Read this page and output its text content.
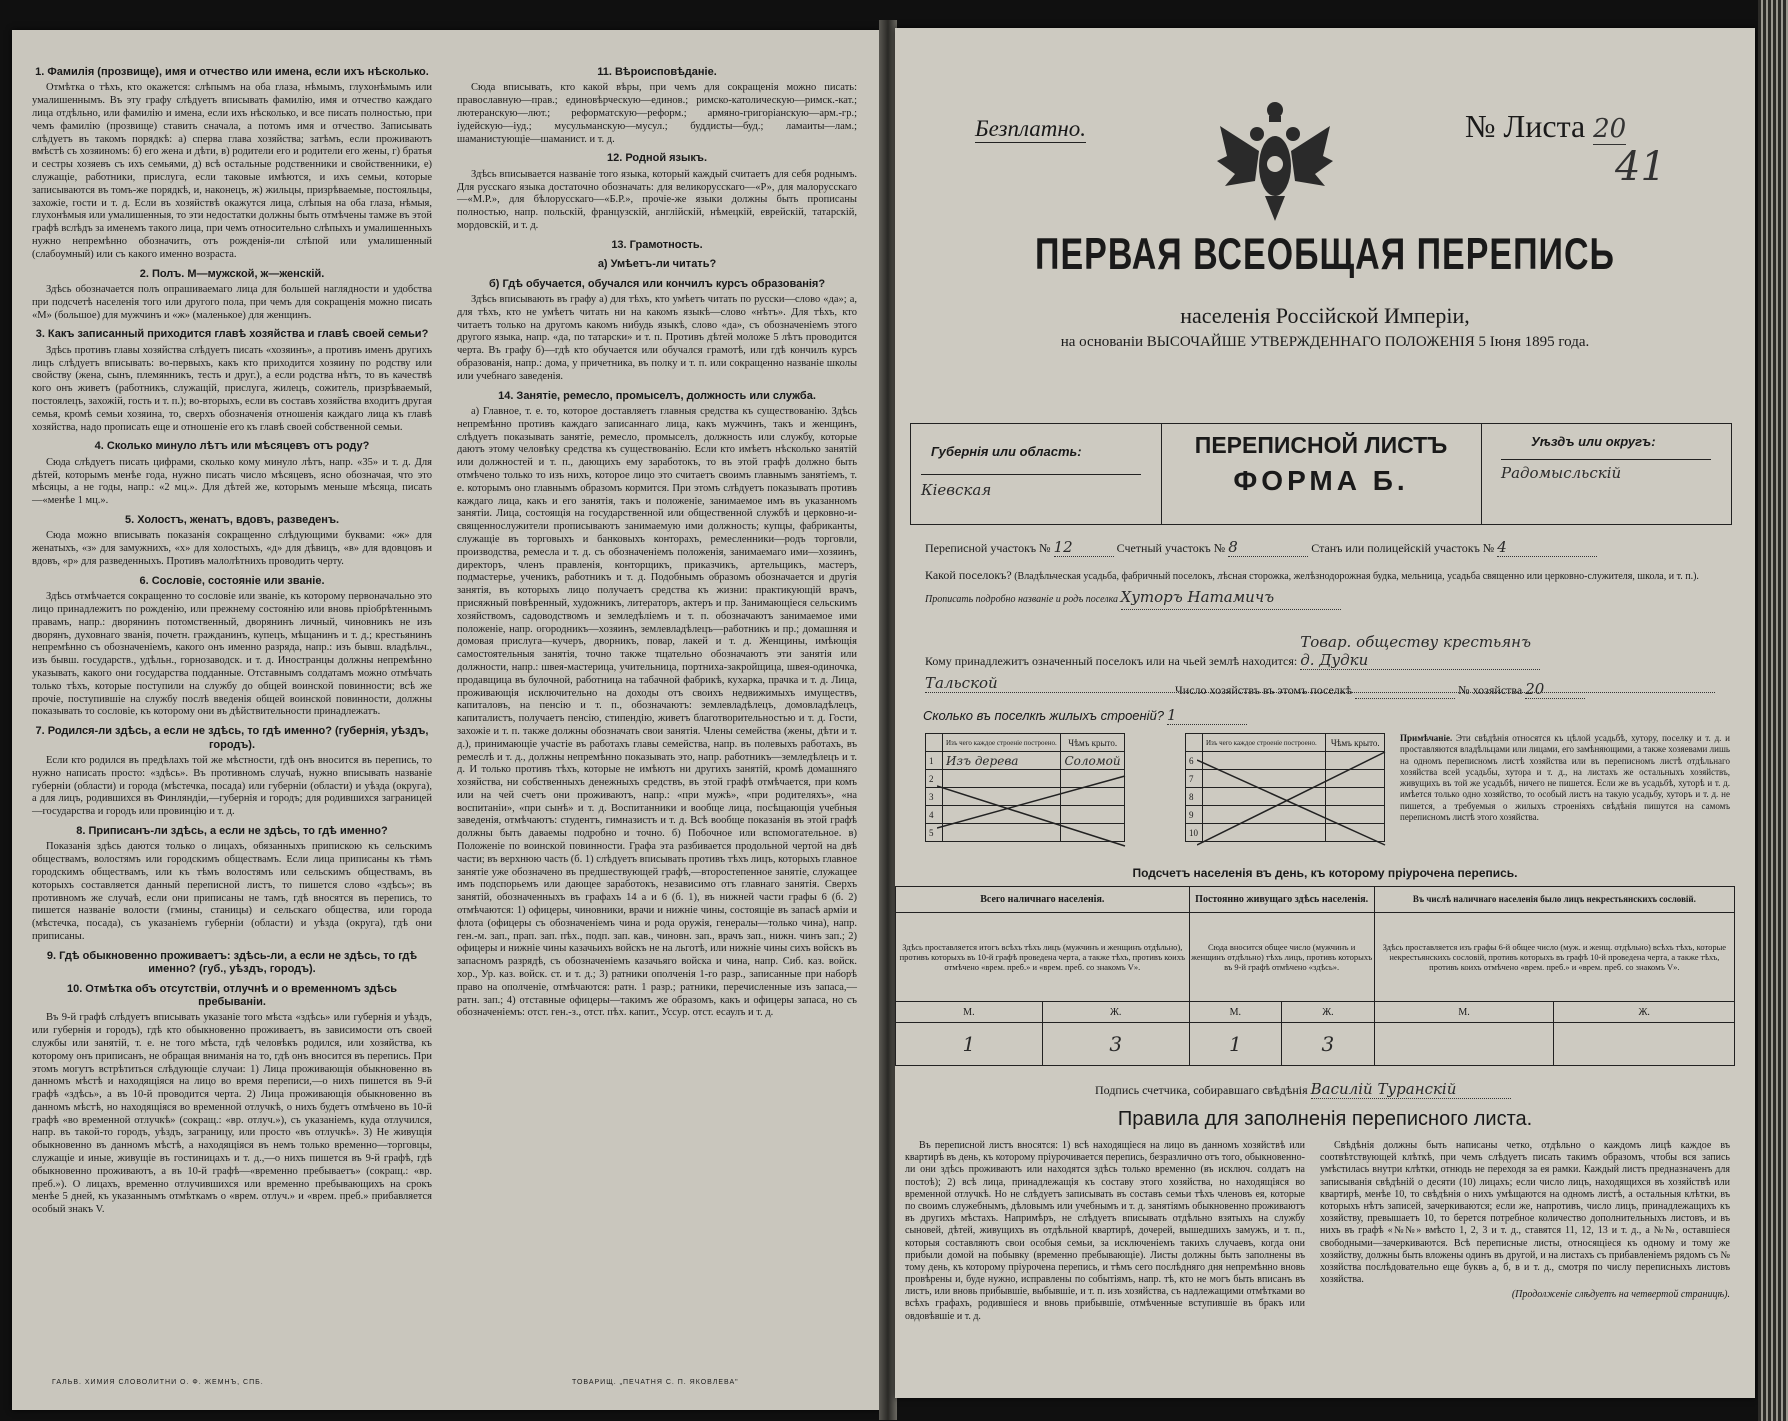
1. Фамилія (прозвище), имя и отчество или имена, если ихъ нѣсколько.

Отмѣтка о тѣхъ, кто окажется: слѣпымъ на оба глаза, нѣмымъ, глухонѣмымъ или умалишеннымъ. Въ эту графу слѣдуетъ вписывать фамилію, имя и отчество каждаго лица отдѣльно, или фамилію и имена, если ихъ нѣсколько, и все писать полностью, при чемъ фамилію (прозвище) ставить сначала, а потомъ имя и отчество. Записывать слѣдуетъ въ такомъ порядкѣ: а) сперва глава хозяйства; затѣмъ, если проживаютъ вмѣстѣ съ хозяиномъ: б) его жена и дѣти, в) родители его и родители его жены, г) братья и сестры хозяевъ съ ихъ семьями, д) всѣ остальные родственники и свойственники, е) служащіе, работники, прислуга, если таковые имѣются, и ихъ семьи, которые записываются въ томъ-же порядкѣ, и, наконецъ, ж) жильцы, призрѣваемые, постояльцы, захожіе, гости и т. д. Если въ хозяйствѣ окажутся лица, слѣпыя на оба глаза, нѣмыя, глухонѣмыя или умалишенныя, то эти недостатки должны быть отмѣчены тамже въ этой графѣ вслѣдъ за именемъ такого лица, при чемъ относительно слѣпыхъ и умалишенныхъ нужно непремѣнно обозначить, отъ рожденія-ли слѣпой или умалишенный (слабоумный) или съ какого именно возраста.

2. Полъ. М—мужской, ж—женскій.

Здѣсь обозначается полъ опрашиваемаго лица для большей наглядности и удобства при подсчетѣ населенія того или другого пола, при чемъ для сокращенія можно писать «М» (большое) для мужчинъ и «ж» (маленькое) для женщинъ.

3. Какъ записанный приходится главѣ хозяйства и главѣ своей семьи?

Здѣсь противъ главы хозяйства слѣдуетъ писать «хозяинъ», а противъ именъ другихъ лицъ слѣдуетъ вписывать: во-первыхъ, какъ кто приходится хозяину по родству или свойству (жена, сынъ, племянникъ, тесть и друг.), а если родства нѣтъ, то въ качествѣ кого онъ живетъ (работникъ, служащій, прислуга, жилецъ, сожитель, призрѣваемый, постоялецъ, захожій, гость и т. п.); во-вторыхъ, если въ составъ хозяйства входитъ другая семья, кромѣ семьи хозяина, то, сверхъ обозначенія отношенія каждаго лица къ главѣ хозяйства, надо прописать еще и отношеніе его къ главѣ своей собственной семьи.

4. Сколько минуло лѣтъ или мѣсяцевъ отъ роду?

Сюда слѣдуетъ писать цифрами, сколько кому минуло лѣтъ, напр. «35» и т. д. Для дѣтей, которымъ менѣе года, нужно писать число мѣсяцевъ, ясно обозначая, что это мѣсяцы, а не годы, напр.: «2 мц.». Для дѣтей же, которымъ меньше мѣсяца, писать —«менѣе 1 мц.».

5. Холостъ, женатъ, вдовъ, разведенъ.

Сюда можно вписывать показанія сокращенно слѣдующими буквами: «ж» для женатыхъ, «з» для замужнихъ, «х» для холостыхъ, «д» для дѣвицъ, «в» для вдовцовъ и вдовъ, «р» для разведенныхъ. Противъ малолѣтнихъ проводить черту.

6. Сословіе, состояніе или званіе.

Здѣсь отмѣчается сокращенно то сословіе или званіе, къ которому первоначально это лицо принадлежитъ по рожденію, или прежнему состоянію или вновь пріобрѣтеннымъ правамъ, напр.: дворянинъ потомственный, дворянинъ личный, чиновникъ не изъ дворянъ, духовнаго званія, почетн. гражданинъ, купецъ, мѣщанинъ и т. д.; крестьянинъ непремѣнно съ обозначеніемъ, какого онъ именно разряда, напр.: изъ бывш. владѣльч., изъ бывш. государств., удѣльн., горнозаводск. и т. д. Иностранцы должны непремѣнно указывать, какого они государства подданные. Отставнымъ солдатамъ можно отмѣчать только тѣхъ, которые поступили на службу до общей воинской повинности; всѣ же прочіе, поступившіе на службу послѣ введенія общей воинской повинности, должны показывать то сословіе, къ которому они въ дѣйствительности принадлежатъ.

7. Родился-ли здѣсь, а если не здѣсь, то гдѣ именно? (губернія, уѣздъ, городъ).

Если кто родился въ предѣлахъ той же мѣстности, гдѣ онъ вносится въ перепись, то нужно написать просто: «здѣсь». Въ противномъ случаѣ, нужно вписывать названіе губерніи (области) и города (мѣстечка, посада) или губерніи (области) и уѣзда (округа), а для лицъ, родившихся въ Финляндіи,—губернія и городъ; для родившихся заграницей—государства и городъ или провинцію и т. д.

8. Приписанъ-ли здѣсь, а если не здѣсь, то гдѣ именно?

Показанія здѣсь даются только о лицахъ, обязанныхъ припискою къ сельскимъ обществамъ, волостямъ или городскимъ обществамъ. Если лица приписаны къ тѣмъ городскимъ обществамъ, или къ тѣмъ волостямъ или сельскимъ обществамъ, въ которыхъ составляется данный переписной листъ, то пишется слово «здѣсь»; въ противномъ же случаѣ, если они приписаны не тамъ, гдѣ вносятся въ перепись, то пишется названіе волости (гмины, станицы) и сельскаго общества, или города (мѣстечка, посада), съ указаніемъ губерніи (области) и уѣзда (округа), гдѣ они приписаны.

9. Гдѣ обыкновенно проживаетъ: здѣсь-ли, а если не здѣсь, то гдѣ именно? (губ., уѣздъ, городъ).
10. Отмѣтка объ отсутствіи, отлучнѣ и о временномъ здѣсь пребываніи.

Въ 9-й графѣ слѣдуетъ вписывать указаніе того мѣста «здѣсь» или губернія и уѣздъ, или губернія и городъ), гдѣ кто обыкновенно проживаетъ, въ зависимости отъ своей службы или занятій, т. е. не того мѣста, гдѣ человѣкъ родился, или хозяйства, къ которому онъ приписанъ, не обращая вниманія на то, гдѣ онъ вносится въ перепись. При этомъ могутъ встрѣтиться слѣдующіе случаи: 1) Лица проживающія обыкновенно въ данномъ мѣстѣ и находящіяся на лицо во время переписи,—о нихъ пишется въ 9-й графѣ «здѣсь», а въ 10-й проводится черта. 2) Лица проживающія обыкновенно въ данномъ мѣстѣ, но находящіяся во временной отлучкѣ, о нихъ будетъ отмѣчено въ 10-й графѣ «во временной отлучкѣ» (сокращ.: «вр. отлуч.»), съ указаніемъ, куда отлучился, напр. въ такой-то городъ, уѣздъ, заграницу, или просто «въ отлучкѣ». 3) Не живущія обыкновенно въ данномъ мѣстѣ, а находящіяся въ немъ только временно—торговцы, служащіе и иные, живущіе въ гостиницахъ и т. д.,—о нихъ пишется въ 9-й графѣ, гдѣ обыкновенно проживаютъ, а въ 10-й графѣ—«временно пребываетъ» (сокращ.: «вр. преб.»). О лицахъ, временно отлучившихся или временно пребывающихъ на срокъ менѣе 5 дней, къ указаннымъ отмѣткамъ о «врем. отлуч.» и «врем. преб.» прибавляется особый знакъ V.

11. Вѣроисповѣданіе.

Сюда вписывать, кто какой вѣры, при чемъ для сокращенія можно писать: православную—прав.; единовѣрческую—единов.; римско-католическую—римск.-кат.; лютеранскую—лют.; реформатскую—реформ.; армяно-григоріанскую—арм.-гр.; іудейскую—іуд.; мусульманскую—мусул.; буддисты—буд.; ламаиты—лам.; шаманистующіе—шаманист. и т. д.

12. Родной языкъ.

Здѣсь вписывается названіе того языка, который каждый считаетъ для себя роднымъ. Для русскаго языка достаточно обозначать: для великорусскаго—«Р», для малорусскаго—«М.Р.», для бѣлорусскаго—«Б.Р.», прочіе-же языки должны быть прописаны полностью, напр. польскій, французскій, англійскій, нѣмецкій, еврейскій, татарскій, мордовскій, и т. д.

13. Грамотность.
а) Умѣетъ-ли читать?
б) Гдѣ обучается, обучался или кончилъ курсъ образованія?

Здѣсь вписывають въ графу а) для тѣхъ, кто умѣетъ читать по русски—слово «да»; а, для тѣхъ, кто не умѣетъ читать ни на какомъ языкѣ—слово «нѣтъ». Для тѣхъ, кто читаетъ только на другомъ какомъ нибудь языкѣ, слово «да», съ обозначеніемъ этого другого языка, напр. «да, по татарски» и т. п. Противъ дѣтей моложе 5 лѣтъ проводится черта. Въ графу б)—гдѣ кто обучается или обучался грамотѣ, или гдѣ кончилъ курсъ образованія, напр.: дома, у причетника, въ полку и т. п. или сокращенно названіе школы или учебнаго заведенія.

14. Занятіе, ремесло, промыселъ, должность или служба.

а) Главное, т. е. то, которое доставляетъ главныя средства къ существованію. Здѣсь непремѣнно противъ каждаго записаннаго лица, какъ мужчинъ, такъ и женщинъ, слѣдуетъ показывать занятіе, ремесло, промыселъ, должность или службу, которые даютъ этому человѣку средства къ существованію. Если кто имѣетъ нѣсколько занятій или должностей и т. п., дающихъ ему заработокъ, то въ этой графѣ должно быть отмѣчено только то изъ нихъ, которое лицо это считаетъ своимъ главнымъ занятіемъ, т. е. которымъ оно главнымъ образомъ кормится. При этомъ слѣдуетъ показывать противъ каждаго лица, какъ и его занятія, такъ и положеніе, занимаемое имъ въ указанномъ занятіи. Лица, состоящія на государственной или общественной службѣ и церковно-и-священнослужители прописываютъ занимаемую ими должность; купцы, фабриканты, служащіе въ торговыхъ и банковыхъ конторахъ, ремесленники—родъ торговли, производства, ремесла и т. д. съ обозначеніемъ положенія, занимаемаго ими—хозяинъ, директоръ, членъ правленія, конторщикъ, приказчикъ, артельщикъ, мастеръ, подмастерье, ученикъ, работникъ и т. д. Подобнымъ образомъ обозначается и другія занятія, въ которыхъ лицо получаетъ средства къ жизни: практикующій врачъ, присяжный повѣренный, художникъ, литераторъ, актеръ и пр. Занимающіеся сельскимъ хозяйствомъ, садоводствомъ и земледѣліемъ и т. п. обозначаютъ занимаемое ими положеніе, напр. огородникъ—хозяинъ, землевладѣлецъ—работникъ и пр.; домашняя и домовая прислуга—кучеръ, дворникъ, повар, лакей и т. д. Женщины, имѣющія самостоятельныя занятія, точно также тщательно обозначаютъ эти занятія или должности, напр.: швея-мастерица, учительница, портниха-закройщица, швея-одиночка, продавщица въ булочной, работница на табачной фабрикѣ, кухарка, прачка и т. д. Лица, проживающія исключительно на доходы отъ своихъ недвижимыхъ имуществъ, капиталовъ, на пенсію и т. п., обозначаютъ: землевладѣлецъ, домовладѣлецъ, капиталистъ, получаетъ пенсію, стипендію, живетъ благотворительностью и т. д. Гости, захожіе и т. п. также должны обозначать свои занятія. Члены семейства (жены, дѣти и т. д.), принимающіе участіе въ работахъ главы семейства, напр. въ полевыхъ работахъ, въ ремеслѣ и т. д., должны непремѣнно показывать это, напр. работникъ—земледѣлецъ и т. д. И только противъ тѣхъ, которые не имѣютъ ни другихъ занятій, кромѣ домашняго хозяйства, ни собственныхъ денежныхъ средствъ, въ этой графѣ отмѣчается, при комъ или на чей счетъ они проживаютъ, напр.: «при мужѣ», «при родителяхъ», «на воспитаніи», «при сынѣ» и т. д. Воспитанники и вообще лица, посѣщающія учебныя заведенія, отмѣчаютъ: студентъ, гимназистъ и т. д. Всѣ вообще показанія въ этой графѣ должны быть даваемы подробно и точно. б) Побочное или вспомогательное. в) Положеніе по воинской повинности. Графа эта разбивается продольной чертой на двѣ части; въ верхнюю часть (б. 1) слѣдуетъ вписывать противъ тѣхъ лицъ, которыхъ главное занятіе уже обозначено въ предшествующей графѣ,—второстепенное занятіе, служащее имъ подспорьемъ или дающее заработокъ, независимо отъ главнаго занятія. Сверхъ занятій, обозначенныхъ въ графахъ 14 а и 6 (б. 1), въ нижней части графы 6 (б. 2) отмѣчаются: 1) офицеры, чиновники, врачи и нижніе чины, состоящіе въ запасѣ арміи и флота (офицеры съ обозначеніемъ чина и рода оружія, генералы—только чина), напр. ген.-м. зап., прап. зап. пѣх., подп. зап. кав., чиновн. зап., врачъ зап., нижн. чинъ зап.; 2) офицеры и нижніе чины казачьихъ войскъ не на льготѣ, или нижніе чины сихъ войскъ въ запасномъ разрядѣ, съ обозначеніемъ казачьяго войска и чина, напр. Сиб. каз. войск. хор., Ур. каз. войск. ст. и т. д.; 3) ратники ополченія 1-го разр., записанные при наборѣ право на ополченіе, отмѣчаются: ратн. 1 разр.; ратники, перечисленные изъ запаса,—ратн. зап.; 4) отставные офицеры—такимъ же образомъ, какъ и офицеры запаса, но съ обозначеніемъ: отст. ген.-з., отст. пѣх. капит., Уссур. отст. есаулъ и т. д.

ГАЛЬВ. ХИМИЯ СЛОВОЛИТНИ О. Ф. ЖЕМНЪ, СПБ.	ТОВАРИЩ. „ПЕЧАТНЯ С. П. ЯКОВЛЕВА"
Безплатно.	№ Листа 20
41
ПЕРВАЯ ВСЕОБЩАЯ ПЕРЕПИСЬ
населенія Россійской Имперіи,
на основаніи ВЫСОЧАЙШЕ УТВЕРЖДЕННАГО ПОЛОЖЕНІЯ 5 Іюня 1895 года.
Губернія или область:
Кіевская
ПЕРЕПИСНОЙ ЛИСТЪ
ФОРМА Б.
Уѣздъ или округъ:
Радомысльскій
Переписной участокъ № 12	Счетный участокъ № 8	Станъ или полицейскій участокъ № 4
Какой поселокъ? (Владѣльческая усадьба, фабричный поселокъ, лѣсная сторожка, желѣзнодорожная будка, мельница, усадьба священно или церковно-служителя, школа, и т. п.). Прописать подробно названіе и родъ поселка Хуторъ Натамичъ
Кому принадлежитъ означенный поселокъ или на чьей землѣ находится: Товар. обществу крестьянъ д. Дудки Тальской	Число хозяйствъ въ этомъ поселкѣ	№ хозяйства 20
Сколько въ поселкѣ жилыхъ строеній? 1
	Изъ чего каждое строеніе построено.	Чѣмъ крыто.
1	Изъ дерева	Соломой
2		
3		
4		
5		
	Изъ чего каждое строеніе построено.	Чѣмъ крыто.
6		
7		
8		
9		
10		
Примѣчаніе. Эти свѣдѣнія относятся къ цѣлой усадьбѣ, хутору, поселку и т. д. и проставляются владѣльцами или лицами, его замѣняющими, а также хозяевами лишь на одномъ переписномъ листѣ хозяйства или въ переписномъ листѣ отдѣльнаго хозяйства всей усадьбы, хутора и т. д., на листахъ же остальныхъ хозяйствъ, живущихъ въ той же усадьбѣ, ничего не пишется. Если же въ усадьбѣ, хуторѣ и т. д. имѣется только одно хозяйство, то особый листъ на такую усадьбу, хуторъ и т. д. не пишется, а требуемыя о жилыхъ строеніяхъ свѣдѣнія пишутся на самомъ переписномъ листѣ этого хозяйства.
Подсчетъ населенія въ день, къ которому пріурочена перепись.
Всего наличнаго населенія.		Постоянно живущаго здѣсь населенія.		Въ числѣ наличнаго населенія было лицъ некрестьянскихъ сословій.	
Здѣсь проставляется итогъ всѣхъ тѣхъ лицъ (мужчинъ и женщинъ отдѣльно), противъ которыхъ въ 10-й графѣ проведена черта, а также тѣхъ, противъ коихъ отмѣчено «врем. преб.» и «врем. преб. со знакомъ V».		Сюда вносится общее число (мужчинъ и женщинъ отдѣльно) тѣхъ лицъ, противъ которыхъ въ 9-й графѣ отмѣчено «здѣсь».		Здѣсь проставляется изъ графы 6-й общее число (муж. и женщ. отдѣльно) всѣхъ тѣхъ, которые некрестьянскихъ сословій, противъ которыхъ въ графѣ 10-й проведена черта, а также тѣхъ, противъ коихъ отмѣчено «врем. преб.» и «врем. преб. со знакомъ V».	
М.	Ж.	М.	Ж.	М.	Ж.
1	3	1	3		
Подпись счетчика, собиравшаго свѣдѣнія Василій Туранскій
Правила для заполненія переписного листа.

Въ переписной листъ вносятся: 1) всѣ находящіеся на лицо въ данномъ хозяйствѣ или квартирѣ въ день, къ которому пріурочивается перепись, безразлично отъ того, обыкновенно-ли они здѣсь проживаютъ или находятся здѣсь только временно (въ исключ. солдатъ на постоѣ); 2) всѣ лица, принадлежащія къ составу этого хозяйства, но находящіяся во временной отлучкѣ. Но не слѣдуетъ записывать въ составъ семьи тѣхъ членовъ ея, которые по своимъ служебнымъ, дѣловымъ или учебнымъ и т. д. занятіямъ обыкновенно проживаютъ въ другихъ мѣстахъ. Напримѣръ, не слѣдуетъ вписывать отдѣльно взятыхъ на службу сыновей, дѣтей, живущихъ въ отдѣльной квартирѣ, дочерей, вышедшихъ замужъ, и т. п., которыя составляютъ свои особыя семьи, за исключеніемъ такихъ случаевъ, когда они прибыли домой на побывку (временно пребывающіе). Листы должны быть заполнены въ тому день, къ которому пріурочена перепись, и тѣмъ сего послѣдняго дня непремѣнно вновь провѣрены и, буде нужно, исправлены по событіямъ, напр. тѣ, кто не могъ быть вписанъ въ листъ, или вновь прибывшіе, выбывшіе, и т. п. изъ хозяйства, съ надлежащими отмѣтками во всѣхъ графахъ, родившіеся и вновь прибывшіе, отмѣченные вступившіе въ бракъ или овдовѣвшіе и т. д.

Свѣдѣнія должны быть написаны четко, отдѣльно о каждомъ лицѣ каждое въ соотвѣтствующей клѣткѣ, при чемъ слѣдуетъ писать такимъ образомъ, чтобы вся запись умѣстилась внутри клѣтки, отнюдь не переходя за ея рамки. Каждый листъ предназначенъ для записыванія свѣдѣній о десяти (10) лицахъ; если число лицъ, находящихся въ хозяйствѣ или квартирѣ, менѣе 10, то свѣдѣнія о нихъ умѣщаются на одномъ листѣ, а остальныя клѣтки, въ которыхъ нѣтъ записей, зачеркиваются; если же, напротивъ, число лицъ, принадлежащихъ къ хозяйству, превышаетъ 10, то берется потребное количество дополнительныхъ листовъ, и въ нихъ въ графѣ «№№» вмѣсто 1, 2, 3 и т. д., ставятся 11, 12, 13 и т. д., а №№, оставшіеся свободными—зачеркиваются. Всѣ переписные листы, относящіеся къ одному и тому же хозяйству, должны быть вложены одинъ въ другой, и на листахъ съ прибавленіемъ рядомъ съ № хозяйства послѣдовательно еще буквъ а, б, в и т. д., смотря по числу переписныхъ листовъ хозяйства.

(Продолженіе слѣдуетъ на четвертой страницѣ).
